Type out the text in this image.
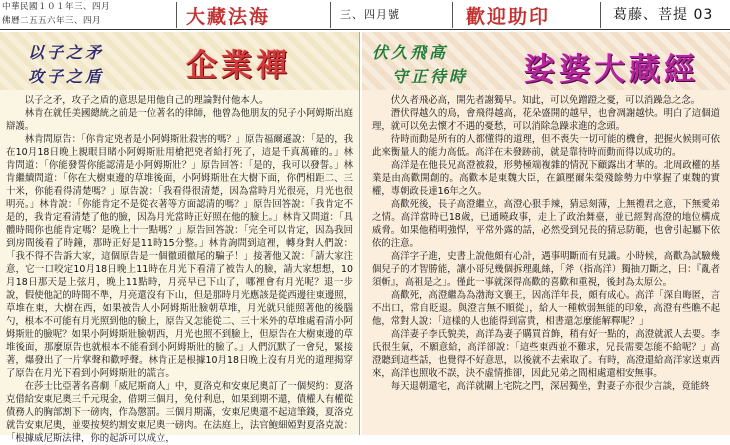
中華民國１０１年三、四月
佛曆二五五六年三、四月	大藏法海	三、四月號	歡迎助印	葛藤、菩提 03
以子之矛
攻子之盾	企業禪

以子之矛，攻子之盾的意思是用他自己的理論對付他本人。

林肯在就任美國總統之前是一位著名的律師，他曾為他朋友的兒子小阿姆斯出庭辯護。

林肯問原告：「你肯定兇者是小阿姆斯壯殺害的嗎？」原告福爾遜說：「是的，我在10月18日晚上親眼目睹小阿姆斯壯用槍把兇者給打死了，這是千真萬確的。」林肯問道：「你能發誓你能認清是小阿姆斯壯？」原告回答：「是的，我可以發誓。」林肯繼續問道：「你在大樹東邊的草堆後面，小阿姆斯壯在大樹下面，你們相距二、三十米，你能看得清楚嗎？」原告說：「我看得很清楚，因為當時月光很亮，月光也很明亮。」林肯說：「你能肯定不是從衣著等方面認清的嗎？」原告回答說：「我肯定不是的，我肯定看清楚了他的臉，因為月光當時正好照在他的臉上。」林肯又問道：「具體時間你也能肯定嗎？是晚上十一點嗎？」原告回答說：「完全可以肯定，因為我回到房間後看了時鐘，那時正好是11時15分整。」林肯詢問到這裡，轉身對人們說：「我不得不告訴大家，這個原告是一個徹頭徹尾的騙子！」接著他又說：「請大家注意，它一口咬定10月18日晚上11時在月光下看清了被告人的臉，請大家想想，10月18日那天是上弦月，晚上11點時，月亮早已下山了，哪裡會有月光呢？退一步說，假使他記的時間不準，月亮還沒有下山，但是那時月光應該是從西邊往東邊照，草堆在東，大樹在西，如果被告人小阿姆斯壯臉朝草堆，月光就只能照著他的後腦勺，根本不可能有月光照到他的臉上，原告又怎能從二、三十米外的草堆處看清小阿姆斯壯的臉呢？如果小阿姆斯壯臉朝西，月光也照不到臉上，但原告在大樹東邊的草堆後面，那麼原告也就根本不能看到小阿姆斯壯的臉了。」人們沉默了一會兒，緊接著，爆發出了一片掌聲和歡呼聲。林肯正是根據10月18日晚上沒有月光的道理揭穿了原告在月光下看到小阿姆斯壯的謊言。

在莎士比亞著名喜劇「威尼斯商人」中，夏洛克和安東尼奧訂了一個契約：夏洛克借給安東尼奧三千元現金，借期三個月，免付利息，如果到期不還，債權人有權從債務人的胸部割下一磅肉，作為懲罰。三個月期滿，安東尼奧還不起這筆錢，夏洛克就告安東尼奧，並要按契約割安東尼奧一磅肉。在法庭上，法官鮑細婭對夏洛克說：「根據威尼斯法律，你的起訴可以成立，

伏久飛高
守正待時 娑婆大藏經

伏久者飛必高，開先者謝獨早。知此，可以免蹭蹬之憂，可以消躁急之念。

潛伏得越久的鳥，會飛得越高，花朵盛開的越早，也會凋謝越快。明白了這個道理，就可以免去懷才不遇的憂愁，可以消除急躁求進的念頭。

待時而動是所有的人都懂得的道理，但不喪失一切可能的機會，把握火候則可依此來衡量人的能力高低。高洋在未發跡前，就是靠待時而動而得以成功的。

高洋是在他長兄高澄被殺，形勢極端複雜的情況下顧露出才華的。北周政權的基業是由高歡開創的。高歡本是東魏大臣，在鎮壓爾朱榮殘餘勢力中掌握了東魏的實權，專朝政長達16年之久。

高歡死後，長子高澄繼立，高澄心狠手辣，猜忌刻薄，上無禮君之意，下無愛弟之情。高洋當時已18歲，已通曉政事，走上了政治舞臺，並已經對高澄的地位構成威脅。如果他稍明強悍，平常外露的話，必然受到兄長的猜忌防範，也會引起屬下依依的注意。

高洋字子進，史書上說他頗有心計，遇事明斷而有見識。小時候，高歡為試驗幾個兒子的才智勝能，讓小哥兒幾個拆理亂絲，「斧（指高洋）獨抽刀斷之，曰：『亂者須斬』，高祖是之」。僅此一事就深得高歡的喜歡和重視，後封為太原公。

高歡死，高澄繼為為渤海文襄王，因高洋年長，頗有成心。高洋「深自晦匿，言不出口，常自貶退。與澄言無不順從」，給人一種軟弱無能的印象，高澄有些瞧不起他，常對人說：「這樣的人也能得到富貴，相書還怎麼能解釋呢？」

高洋妻子李氏貌美，高洋為妻子購買首飾，稍有好一點的，高澄就派人去要。李氏很生氣，不願意給，高洋卻說：「這些東西並不難求，兄長需要怎能不給呢？」高澄聽到這些話，也覺得不好意思，以後就不去索取了。有時，高澄還給高洋家送東西來，高洋也照收不誤，決不虛情推卻，因此兄弟之間相處還相安無事。

每天退朝還宅，高洋就關上宅院之門，深居獨坐，對妻子亦很少言談，竟能終
